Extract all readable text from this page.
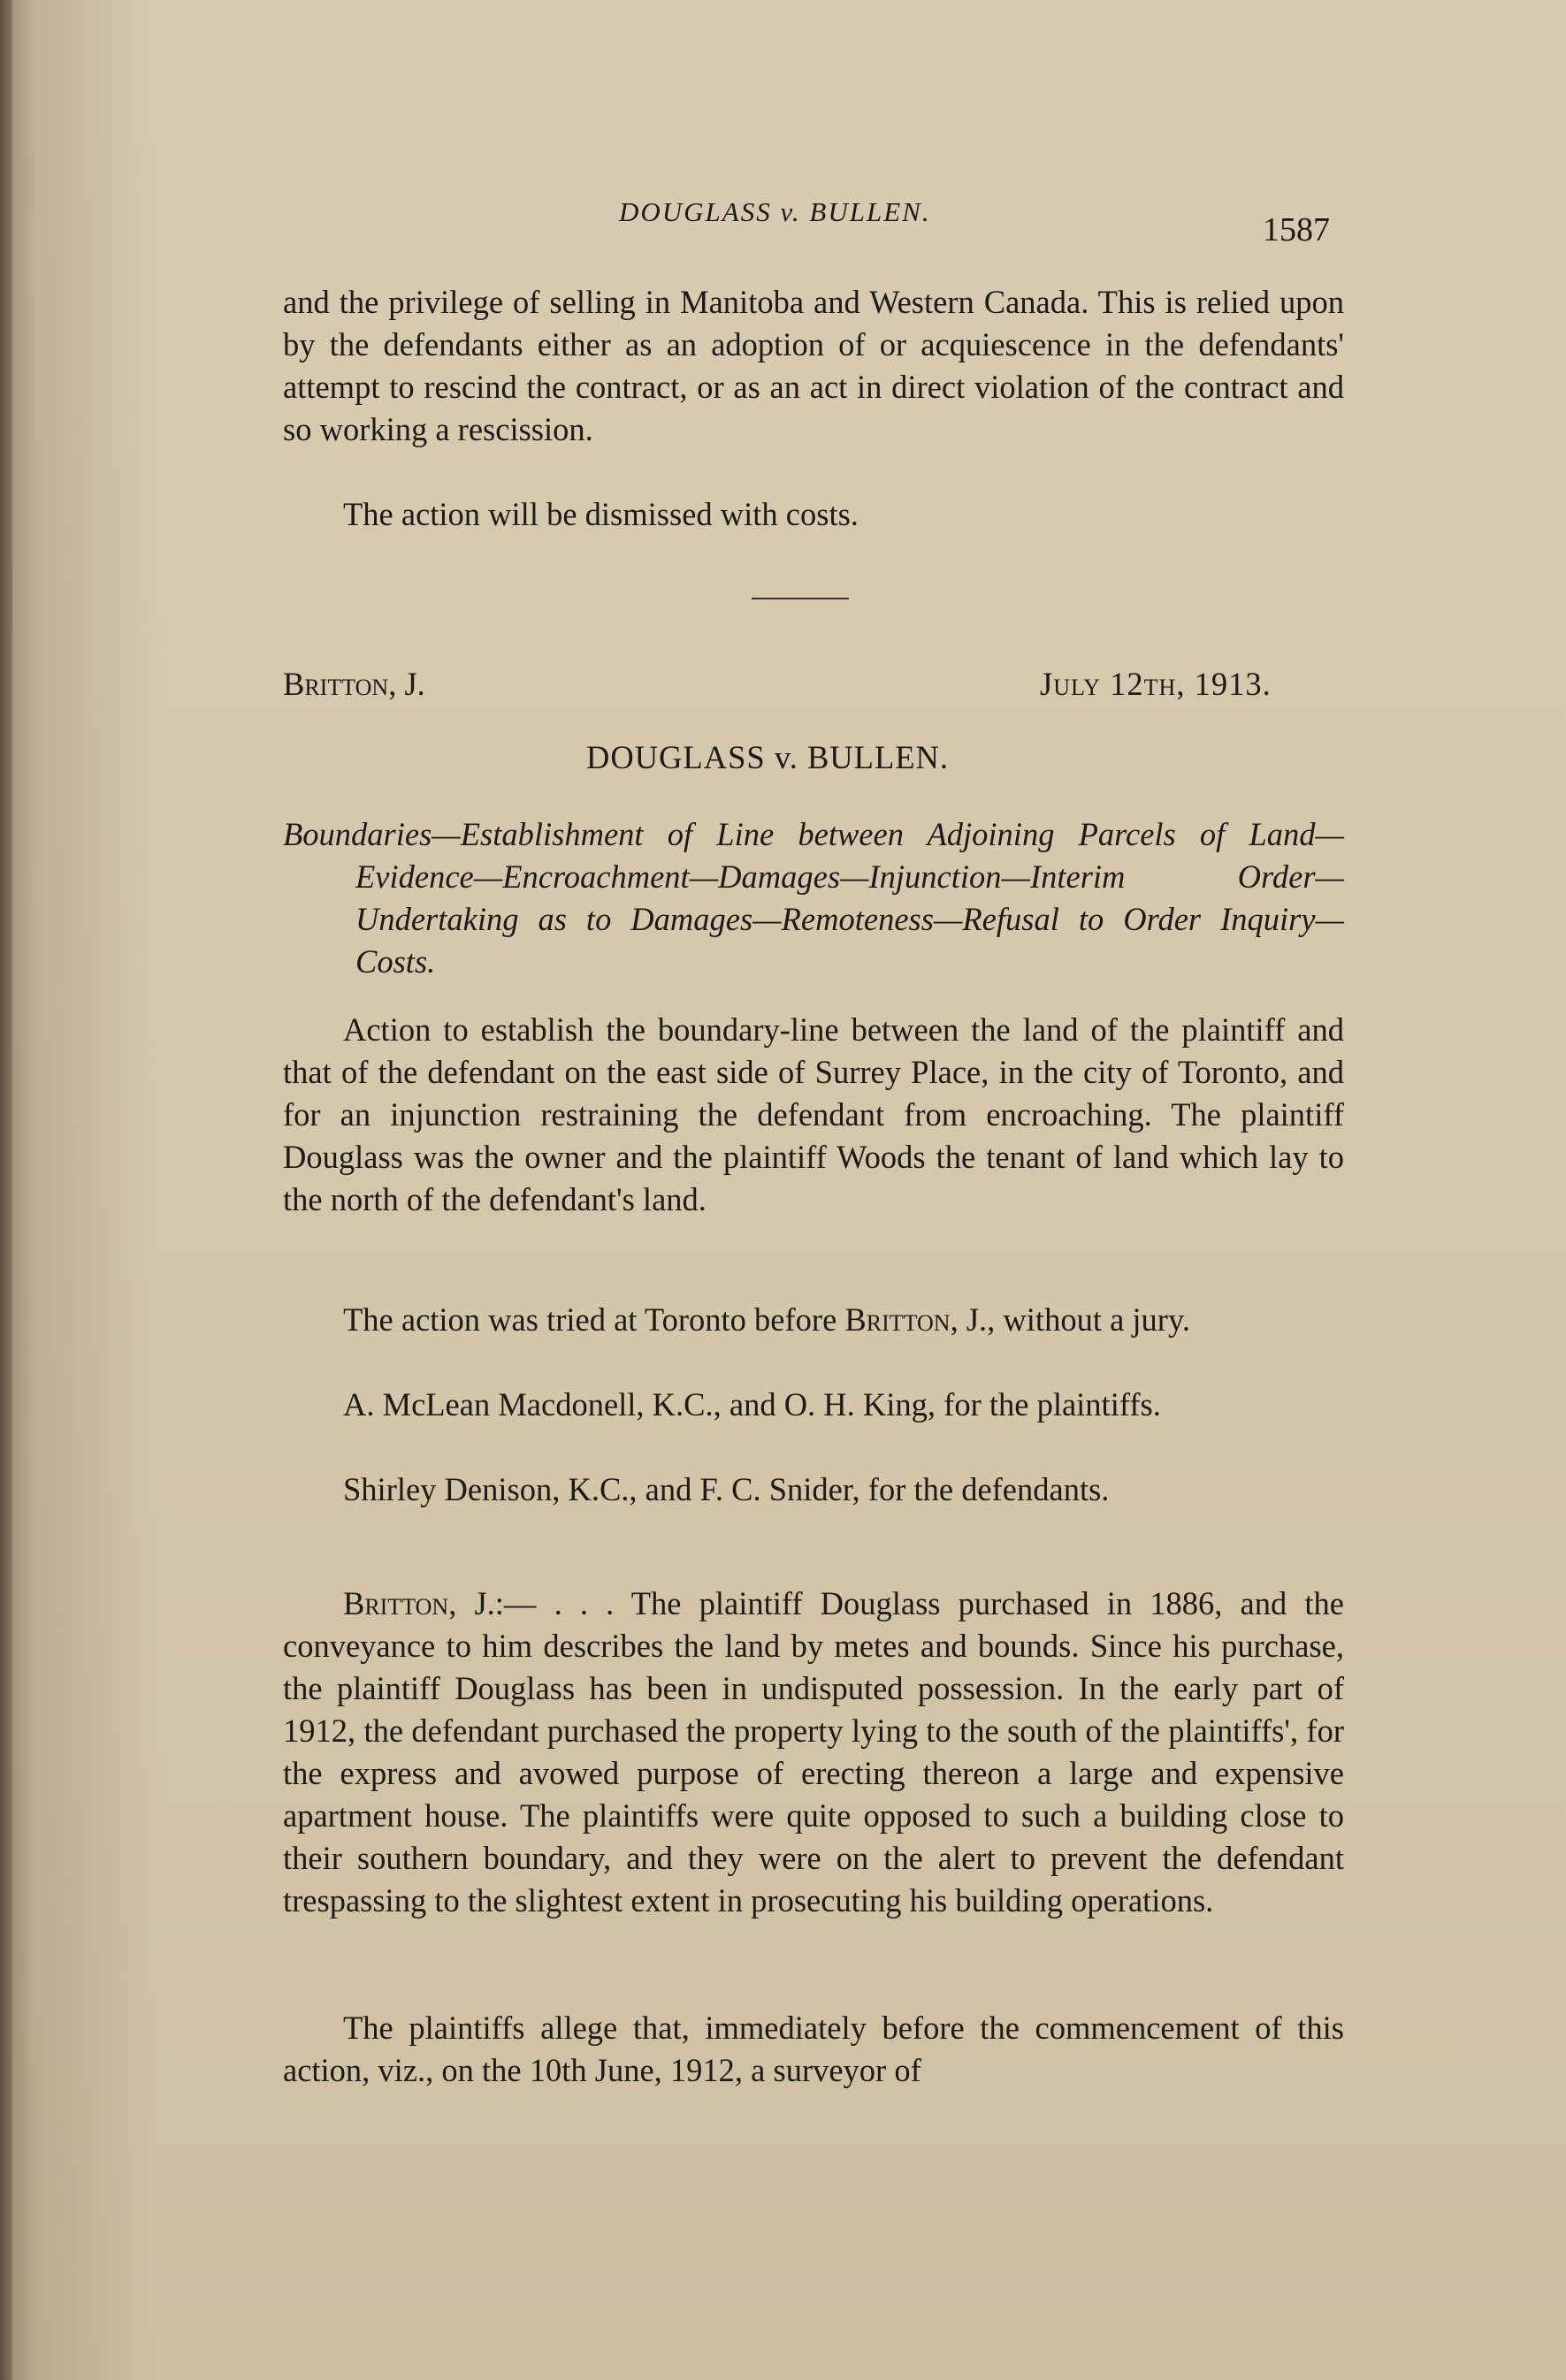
DOUGLASS v. BULLEN.	1587

and the privilege of selling in Manitoba and Western Canada. This is relied upon by the defendants either as an adoption of or acquiescence in the defendants' attempt to rescind the contract, or as an act in direct violation of the contract and so working a rescission.

The action will be dismissed with costs.

Britton, J.	July 12th, 1913.
DOUGLASS v. BULLEN.

Boundaries—Establishment of Line between Adjoining Parcels of Land—Evidence—Encroachment—Damages—Injunction—Interim Order—Undertaking as to Damages—Remoteness—Refusal to Order Inquiry—Costs.

Action to establish the boundary-line between the land of the plaintiff and that of the defendant on the east side of Surrey Place, in the city of Toronto, and for an injunction restraining the defendant from encroaching. The plaintiff Douglass was the owner and the plaintiff Woods the tenant of land which lay to the north of the defendant's land.

The action was tried at Toronto before Britton, J., without a jury.

A. McLean Macdonell, K.C., and O. H. King, for the plaintiffs.

Shirley Denison, K.C., and F. C. Snider, for the defendants.

Britton, J.:— . . . The plaintiff Douglass purchased in 1886, and the conveyance to him describes the land by metes and bounds. Since his purchase, the plaintiff Douglass has been in undisputed possession. In the early part of 1912, the defendant purchased the property lying to the south of the plaintiffs', for the express and avowed purpose of erecting thereon a large and expensive apartment house. The plaintiffs were quite opposed to such a building close to their southern boundary, and they were on the alert to prevent the defendant trespassing to the slightest extent in prosecuting his building operations.

The plaintiffs allege that, immediately before the commencement of this action, viz., on the 10th June, 1912, a surveyor of
